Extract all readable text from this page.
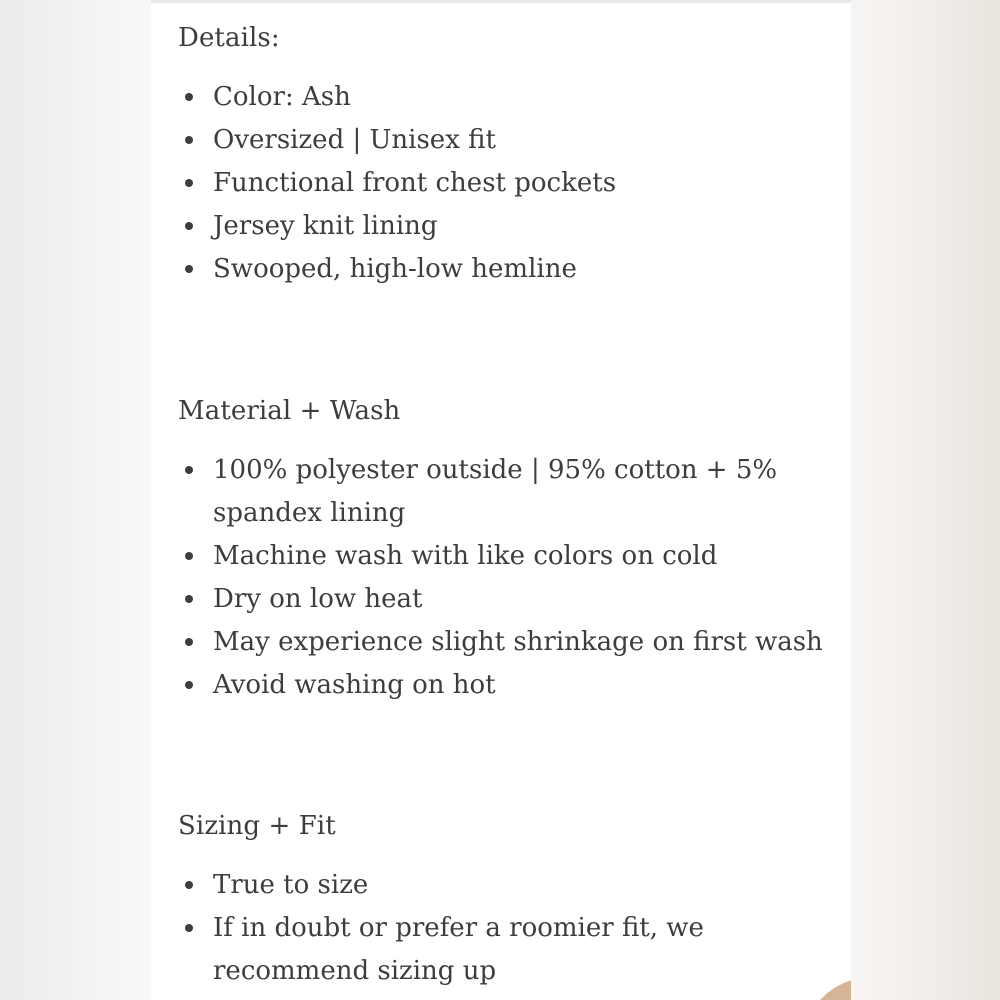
Details:
Color: Ash
Oversized | Unisex fit
Functional front chest pockets
Jersey knit lining
Swooped, high-low hemline
Material + Wash
100% polyester outside | 95% cotton + 5% spandex lining
Machine wash with like colors on cold
Dry on low heat
May experience slight shrinkage on first wash
Avoid washing on hot
Sizing + Fit
True to size
If in doubt or prefer a roomier fit, we recommend sizing up
